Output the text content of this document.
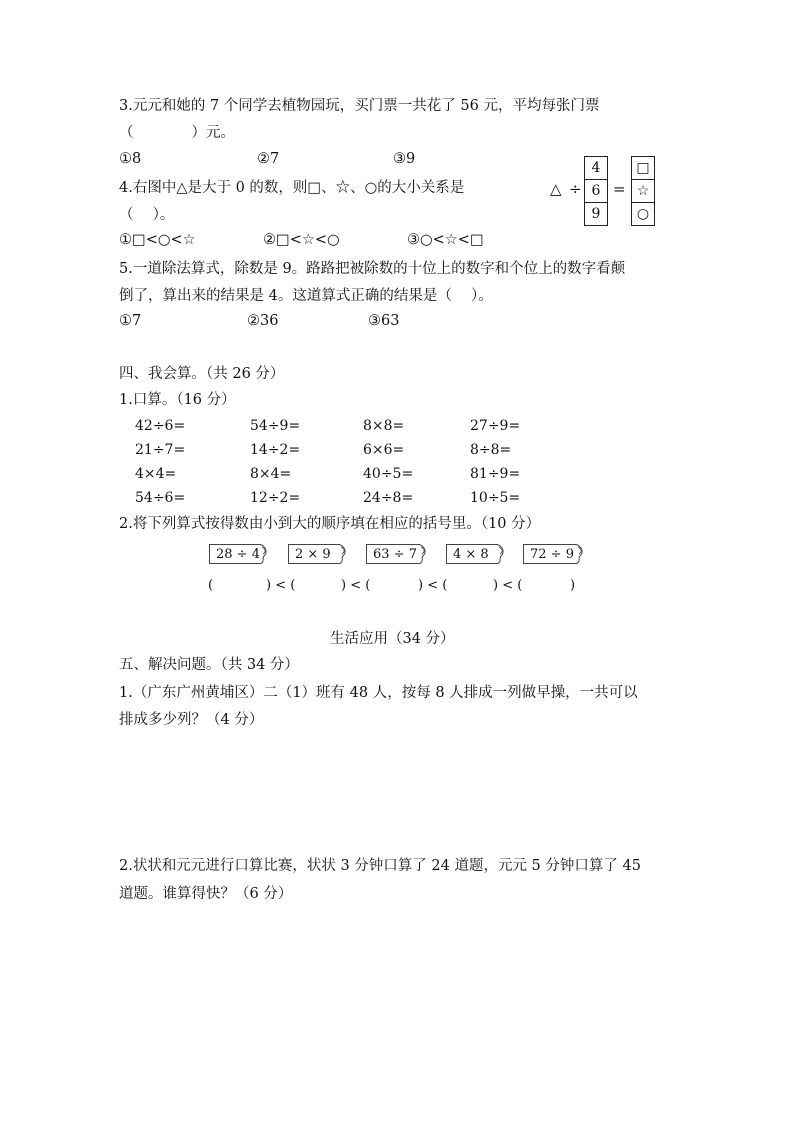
3.元元和她的 7 个同学去植物园玩，买门票一共花了 56 元，平均每张门票
（　　　　）元。
①8	②7	③9
4.右图中△是大于 0 的数，则□、☆、○的大小关系是
（　 ）。
△ ÷
4
6
9
=
□
☆
○
①□<○<☆	②□<☆<○	③○<☆<□
5.一道除法算式，除数是 9。路路把被除数的十位上的数字和个位上的数字看颠
倒了，算出来的结果是 4。这道算式正确的结果是（　 ）。
①7	②36	③63
四、我会算。（共 26 分）
1.口算。（16 分）
42÷6=	54÷9=	8×8=	27÷9=
21÷7=	14÷2=	6×6=	8÷8=
4×4=	8×4=	40÷5=	81÷9=
54÷6=	12÷2=	24÷8=	10÷5=
2.将下列算式按得数由小到大的顺序填在相应的括号里。（10 分）
28 ÷ 4	2 × 9	63 ÷ 7	4 × 8	72 ÷ 9
(	) < (	) < (	) < (	) < (	)
生活应用（34 分）
五、解决问题。（共 34 分）
1.（广东广州黄埔区）二（1）班有 48 人，按每 8 人排成一列做早操，一共可以
排成多少列？（4 分）
2.状状和元元进行口算比赛，状状 3 分钟口算了 24 道题，元元 5 分钟口算了 45
道题。谁算得快？（6 分）
